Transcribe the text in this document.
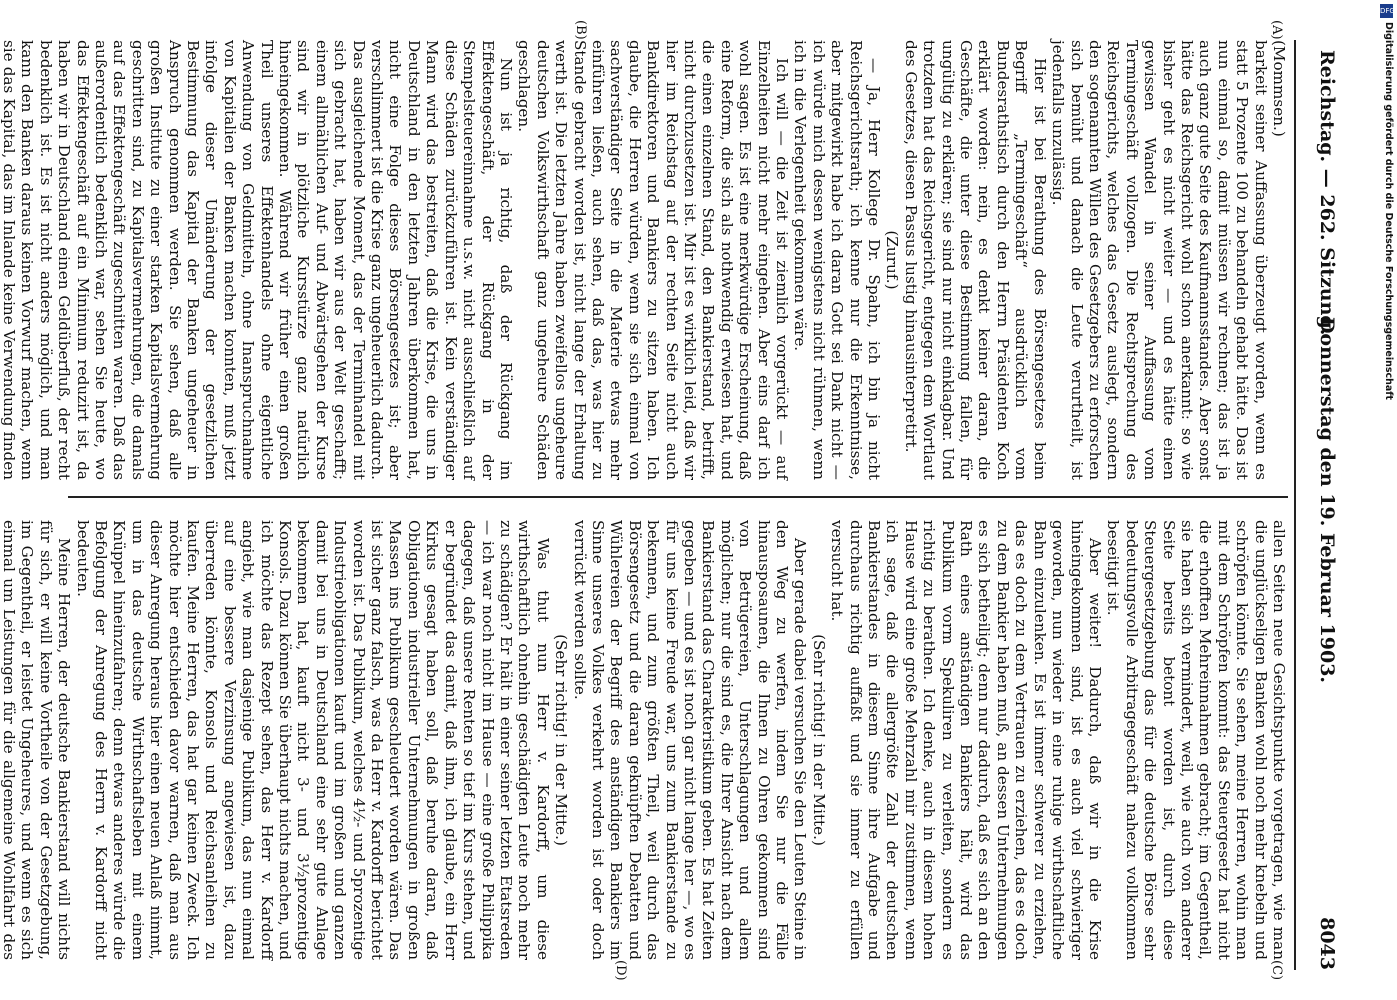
Reichstag. — 262. Sitzung.
Donnerstag den 19. Februar 1903.
8043

(Mommsen.)

barkeit seiner Auffassung überzeugt worden, wenn es statt 5 Prozente 100 zu behandeln gehabt hätte. Das ist nun einmal so, damit müssen wir rechnen; das ist ja auch ganz gute Seite des Kaufmannsstandes. Aber sonst hätte das Reichsgericht wohl schon anerkannt: so wie bisher geht es nicht weiter — und es hätte einen gewissen Wandel in seiner Auffassung vom Termingeschäft vollzogen. Die Rechtsprechung des Reichsgerichts, welches das Gesetz auslegt, sondern den sogenannten Willen des Gesetzgebers zu erforschen sich bemüht und danach die Leute verurtheilt, ist jedenfalls unzulässig.

Hier ist bei Berathung des Börsengesetzes beim Begriff „Termingeschäft“ ausdrücklich vom Bundesrathstisch durch den Herrn Präsidenten Koch erklärt worden: nein, es denkt keiner daran, die Geschäfte, die unter diese Bestimmung fallen, für ungültig zu erklären; sie sind nur nicht einklagbar. Und trotzdem hat das Reichsgericht, entgegen dem Wortlaut des Gesetzes, diesen Passus lustig hinausinterpretirt.

(Zuruf.)

— Ja, Herr Kollege Dr. Spahn, ich bin ja nicht Reichsgerichtsrath; ich kenne nur die Erkenntnisse, aber mitgewirkt habe ich daran Gott sei Dank nicht — ich würde mich dessen wenigstens nicht rühmen, wenn ich in die Verlegenheit gekommen wäre.

Ich will — die Zeit ist ziemlich vorgerückt — auf Einzelheiten nicht mehr eingehen. Aber eins darf ich wohl sagen. Es ist eine merkwürdige Erscheinung, daß eine Reform, die sich als nothwendig erwiesen hat, und die einen einzelnen Stand, den Bankierstand, betrifft, nicht durchzusetzen ist. Mir ist es wirklich leid, daß wir hier im Reichstag auf der rechten Seite nicht auch Bankdirektoren und Bankiers zu sitzen haben. Ich glaube, die Herren würden, wenn sie sich einmal von sachverständiger Seite in die Materie etwas mehr einführen ließen, auch sehen, daß das, was hier zu Stande gebracht worden ist, nicht lange der Erhaltung werth ist. Die letzten Jahre haben zweifellos ungeheure deutschen Volkswirthschaft ganz ungeheure Schäden geschlagen.

Nun ist ja richtig, daß der Rückgang im Effektengeschäft, der Rückgang in der Stempelsteuereinnahme u.s.w. nicht ausschließlich auf diese Schäden zurückzuführen ist. Kein verständiger Mann wird das bestreiten, daß die Krise, die uns in Deutschland in den letzten Jahren überkommen hat, nicht eine Folge dieses Börsengesetzes ist; aber verschlimmert ist die Krise ganz ungeheuerlich dadurch. Das ausgleichende Moment, das der Terminhandel mit sich gebracht hat, haben wir aus der Welt geschafft; einem allmählichen Auf- und Abwärtsgehen der Kurse sind wir in plötzliche Kursstürze ganz natürlich hineingekommen. Während wir früher einen großen Theil unseres Effektenhandels ohne eigentliche Anwendung von Geldmitteln, ohne Inanspruchnahme von Kapitalien der Banken machen konnten, muß jetzt infolge dieser Umänderung der gesetzlichen Bestimmung das Kapital der Banken ungeheuer in Anspruch genommen werden. Sie sehen, daß alle großen Institute zu einer starken Kapitalsvermehrung geschritten sind, zu Kapitalsvermehrungen, die damals auf das Effektengeschäft zugeschnitten waren. Daß das außerordentlich bedenklich war, sehen Sie heute, wo das Effektengeschäft auf ein Minimum reduzirt ist, da haben wir in Deutschland einen Geldüberfluß, der recht bedenklich ist. Es ist nicht anders möglich, und man kann den Banken daraus keinen Vorwurf machen, wenn sie das Kapital, das im Inlande keine Verwendung finden

allen Seiten neue Gesichtspunkte vorgetragen, wie man die unglückseligen Banken wohl noch mehr knebeln und schröpfen könnte. Sie sehen, meine Herren, wohin man mit dem Schröpfen kommt: das Steuergesetz hat nicht die erhofften Mehreinnahmen gebracht; im Gegentheil, sie haben sich vermindert, weil, wie auch von anderer Seite bereits betont worden ist, durch diese Steuergesetzgebung das für die deutsche Börse sehr bedeutungsvolle Arbitragegeschäft nahezu vollkommen beseitigt ist.

Aber weiter! Dadurch, daß wir in die Krise hineingekommen sind, ist es auch viel schwieriger geworden, nun wieder in eine ruhige wirthschaftliche Bahn einzulenken. Es ist immer schwerer zu erziehen, das es doch zu dem Vertrauen zu erziehen, das es doch zu dem Bankier haben muß, an dessen Unternehmungen es sich betheiligt; denn nur dadurch, daß es sich an den Rath eines anständigen Bankiers hält, wird das Publikum vorm Spekuliren zu verleiten, sondern es richtig zu berathen. Ich denke, auch in diesem hohen Hause wird eine große Mehrzahl mir zustimmen, wenn ich sage, daß die allergrößte Zahl der deutschen Bankierstandes in diesem Sinne ihre Aufgabe und durchaus richtig auffaßt und sie immer zu erfüllen versucht hat.

(Sehr richtig! in der Mitte.)

Aber gerade dabei versuchen Sie den Leuten Steine in den Weg zu werfen, indem Sie nur die Fälle hinausposaunen, die Ihnen zu Ohren gekommen sind von Betrügereien, Unterschlagungen und allem möglichen; nur die sind es, die Ihrer Ansicht nach dem Bankierstand das Charakteristikum geben. Es hat Zeiten gegeben — und es ist noch gar nicht lange her —, wo es für uns keine Freude war, uns zum Bankierstande zu bekennen, und zum größten Theil, weil durch das Börsengesetz und die daran geknüpften Debatten und Wühlereien der Begriff des anständigen Bankiers im Sinne unseres Volkes verkehrt worden ist oder doch verrückt werden sollte.

(Sehr richtig! in der Mitte.)

Was thut nun Herr v. Kardorff, um diese wirthschaftlich ohnehin geschädigten Leute noch mehr zu schädigen? Er hält in einer seiner letzten Etatsreden — ich war noch nicht im Hause — eine große Philippika dagegen, daß unsere Renten so tief im Kurs stehen, und er begründet das damit, daß ihm, ich glaube, ein Herr Kirkus gesagt haben soll, daß beruhe daran, daß Obligationen industrieller Unternehmungen in großen Massen ins Publikum geschleudert worden wären. Das ist sicher ganz falsch, was da Herr v. Kardorff berichtet worden ist. Das Publikum, welches 4½- und 5prozentige Industrieobligationen kauft und im großen und ganzen damit bei uns in Deutschland eine sehr gute Anlage bekommen hat, kauft nicht 3- und 3½prozentige Konsols. Dazu können Sie überhaupt nichts machen, und ich möchte das Rezept sehen, das Herr v. Kardorff angiebt, wie man dasjenige Publikum, das nun einmal auf eine bessere Verzinsung angewiesen ist, dazu überreden könnte, Konsols und Reichsanleihen zu kaufen. Meine Herren, das hat gar keinen Zweck. Ich möchte hier entschieden davor warnen, daß man aus dieser Anregung heraus hier einen neuen Anlaß nimmt, um in das deutsche Wirthschaftsleben mit einem Knüppel hineinzufahren; denn etwas anderes würde die Befolgung der Anregung des Herrn v. Kardorff nicht bedeuten.

Meine Herren, der deutsche Bankierstand will nichts für sich, er will keine Vortheile von der Gesetzgebung, im Gegentheil, er leistet Ungeheures, und wenn es sich einmal um Leistungen für die allgemeine Wohlfahrt des

(A)
(B)
(C)
(D)
DFG
Digitalisierung gefördert durch die Deutsche Forschungsgemeinschaft
